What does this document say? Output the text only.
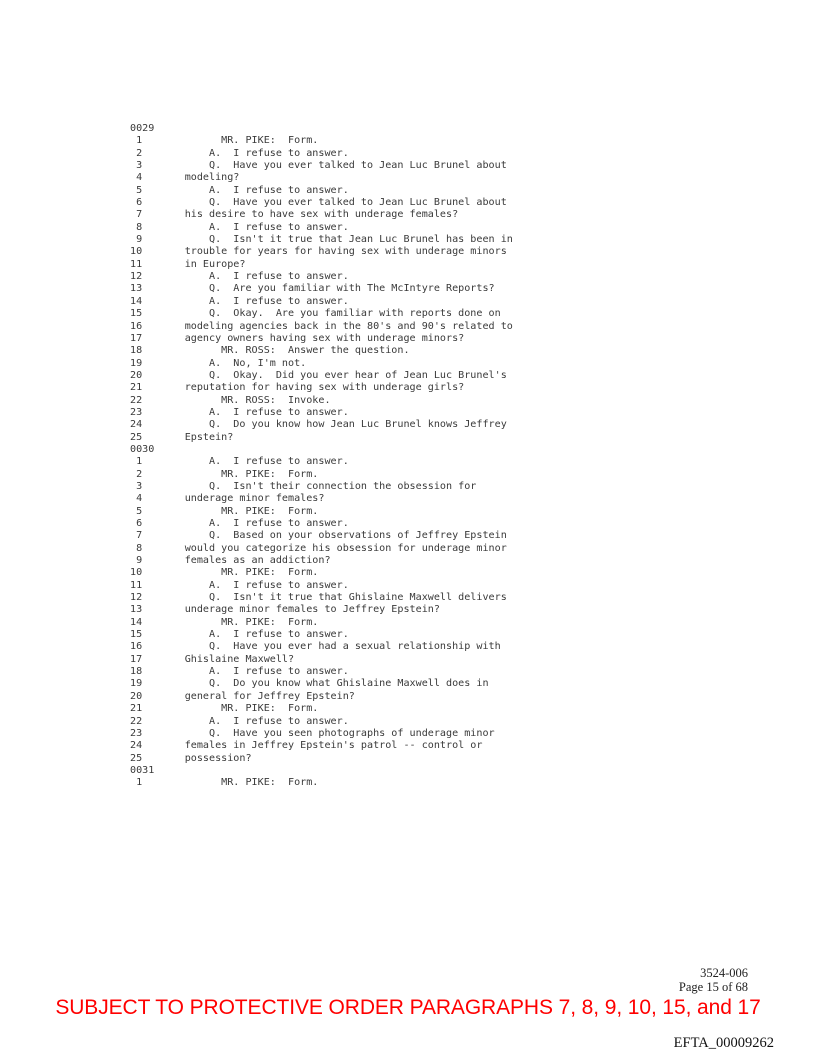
0029
1             MR. PIKE:  Form.
2           A.  I refuse to answer.
3           Q.  Have you ever talked to Jean Luc Brunel about
4       modeling?
5           A.  I refuse to answer.
6           Q.  Have you ever talked to Jean Luc Brunel about
7       his desire to have sex with underage females?
8           A.  I refuse to answer.
9           Q.  Isn't it true that Jean Luc Brunel has been in
10       trouble for years for having sex with underage minors
11       in Europe?
12           A.  I refuse to answer.
13           Q.  Are you familiar with The McIntyre Reports?
14           A.  I refuse to answer.
15           Q.  Okay.  Are you familiar with reports done on
16       modeling agencies back in the 80's and 90's related to
17       agency owners having sex with underage minors?
18             MR. ROSS:  Answer the question.
19           A.  No, I'm not.
20           Q.  Okay.  Did you ever hear of Jean Luc Brunel's
21       reputation for having sex with underage girls?
22             MR. ROSS:  Invoke.
23           A.  I refuse to answer.
24           Q.  Do you know how Jean Luc Brunel knows Jeffrey
25       Epstein?
0030
1           A.  I refuse to answer.
2             MR. PIKE:  Form.
3           Q.  Isn't their connection the obsession for
4       underage minor females?
5             MR. PIKE:  Form.
6           A.  I refuse to answer.
7           Q.  Based on your observations of Jeffrey Epstein
8       would you categorize his obsession for underage minor
9       females as an addiction?
10             MR. PIKE:  Form.
11           A.  I refuse to answer.
12           Q.  Isn't it true that Ghislaine Maxwell delivers
13       underage minor females to Jeffrey Epstein?
14             MR. PIKE:  Form.
15           A.  I refuse to answer.
16           Q.  Have you ever had a sexual relationship with
17       Ghislaine Maxwell?
18           A.  I refuse to answer.
19           Q.  Do you know what Ghislaine Maxwell does in
20       general for Jeffrey Epstein?
21             MR. PIKE:  Form.
22           A.  I refuse to answer.
23           Q.  Have you seen photographs of underage minor
24       females in Jeffrey Epstein's patrol -- control or
25       possession?
0031
1             MR. PIKE:  Form.
3524-006
Page 15 of 68
SUBJECT TO PROTECTIVE ORDER PARAGRAPHS 7, 8, 9, 10, 15, and 17
EFTA_00009262
